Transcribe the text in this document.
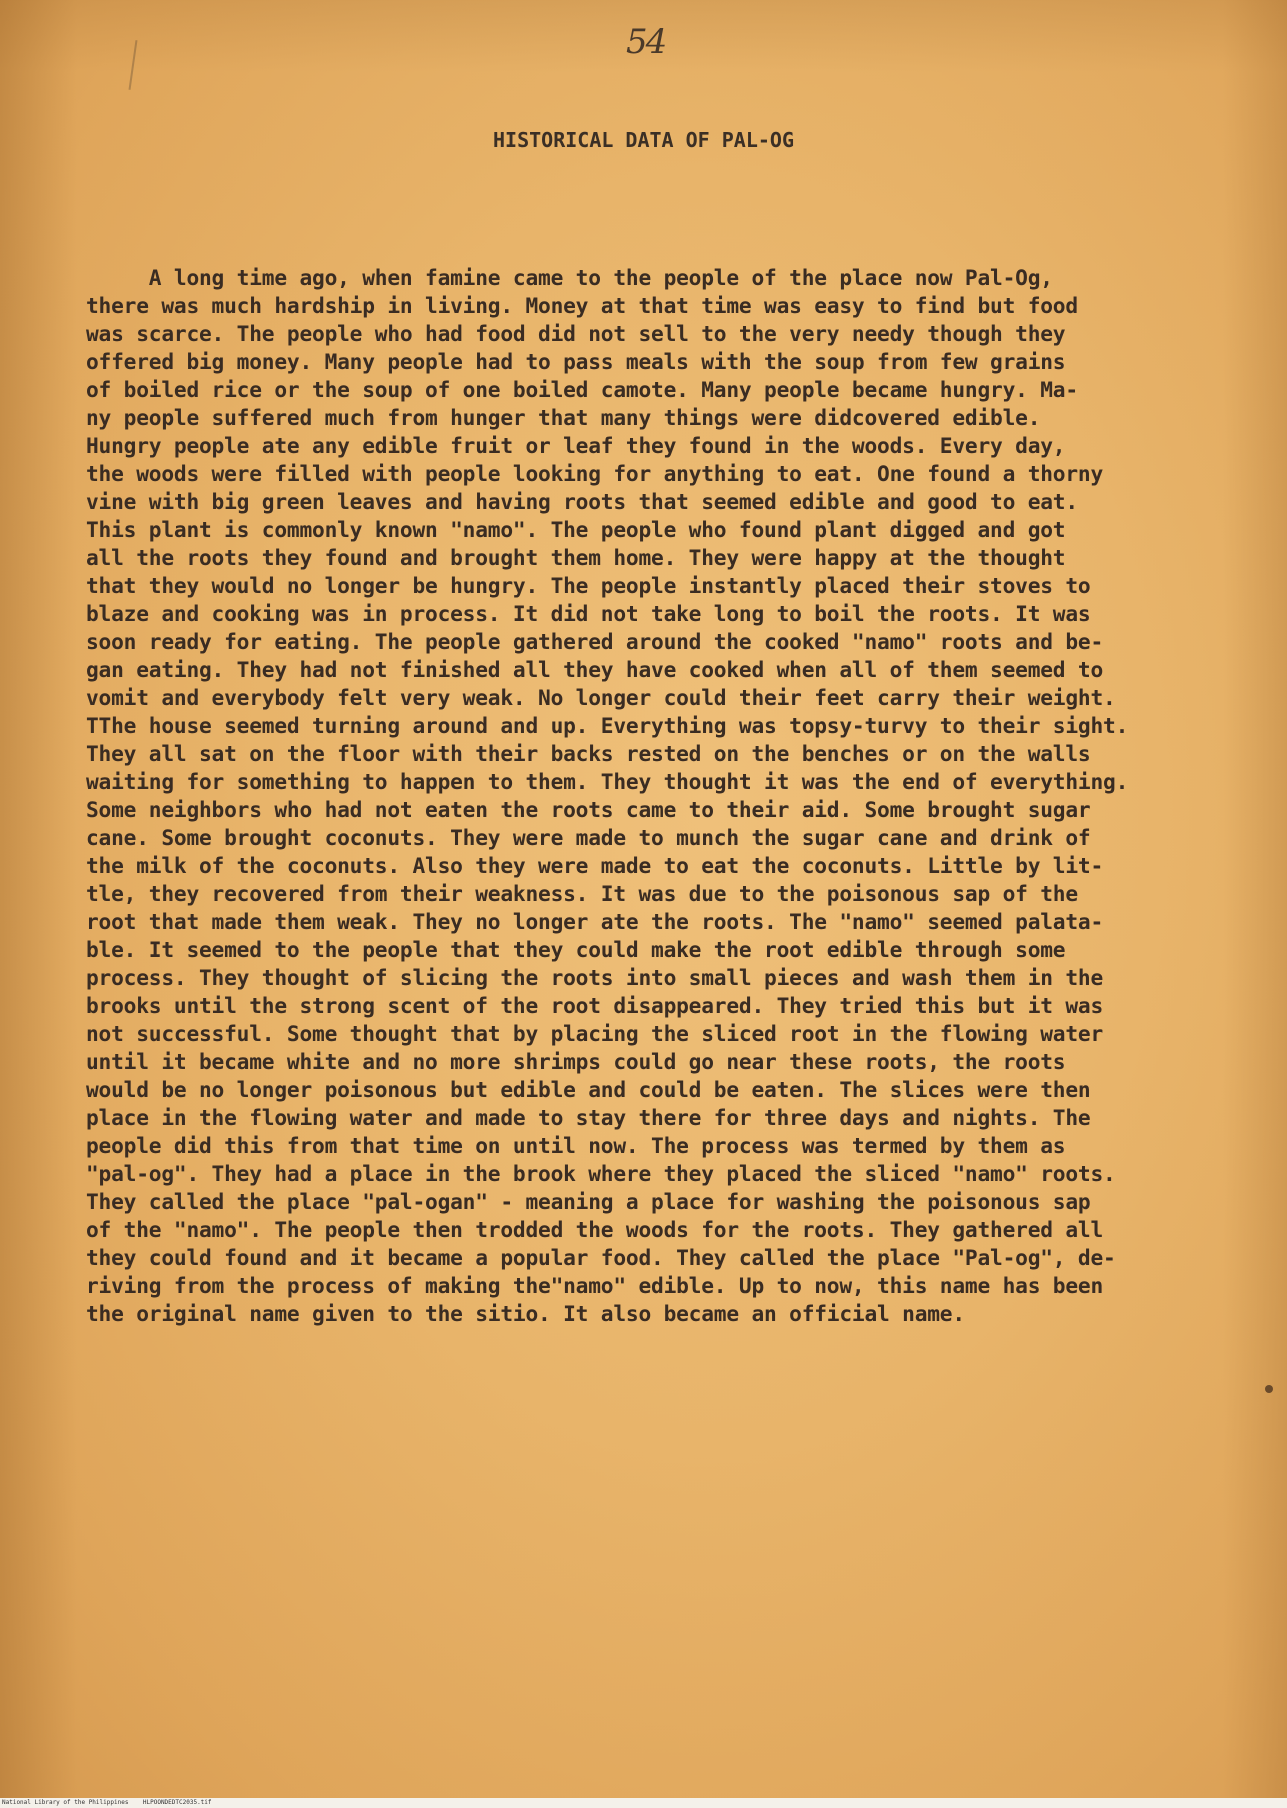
54
HISTORICAL DATA OF PAL-OG
A long time ago, when famine came to the people of the place now Pal-Og,
there was much hardship in living. Money at that time was easy to find but food
was scarce. The people who had food did not sell to the very needy though they
offered big money. Many people had to pass meals with the soup from few grains
of boiled rice or the soup of one boiled camote. Many people became hungry. Ma-
ny people suffered much from hunger that many things were didcovered edible.
Hungry people ate any edible fruit or leaf they found in the woods. Every day,
the woods were filled with people looking for anything to eat. One found a thorny
vine with big green leaves and having roots that seemed edible and good to eat.
This plant is commonly known "namo". The people who found plant digged and got
all the roots they found and brought them home. They were happy at the thought
that they would no longer be hungry. The people instantly placed their stoves to
blaze and cooking was in process. It did not take long to boil the roots. It was
soon ready for eating. The people gathered around the cooked "namo" roots and be-
gan eating. They had not finished all they have cooked when all of them seemed to
vomit and everybody felt very weak. No longer could their feet carry their weight.
TThe house seemed turning around and up. Everything was topsy-turvy to their sight.
They all sat on the floor with their backs rested on the benches or on the walls
waiting for something to happen to them. They thought it was the end of everything.
Some neighbors who had not eaten the roots came to their aid. Some brought sugar
cane. Some brought coconuts. They were made to munch the sugar cane and drink of
the milk of the coconuts. Also they were made to eat the coconuts. Little by lit-
tle, they recovered from their weakness. It was due to the poisonous sap of the
root that made them weak. They no longer ate the roots. The "namo" seemed palata-
ble. It seemed to the people that they could make the root edible through some
process. They thought of slicing the roots into small pieces and wash them in the
brooks until the strong scent of the root disappeared. They tried this but it was
not successful. Some thought that by placing the sliced root in the flowing water
until it became white and no more shrimps could go near these roots, the roots
would be no longer poisonous but edible and could be eaten. The slices were then
place in the flowing water and made to stay there for three days and nights. The
people did this from that time on until now. The process was termed by them as
"pal-og". They had a place in the brook where they placed the sliced "namo" roots.
They called the place "pal-ogan" - meaning a place for washing the poisonous sap
of the "namo". The people then trodded the woods for the roots. They gathered all
they could found and it became a popular food. They called the place "Pal-og", de-
riving from the process of making the"namo" edible. Up to now, this name has been
the original name given to the sitio. It also became an official name.
National Library of the Philippines    HLPOONDEDTC2035.tif
